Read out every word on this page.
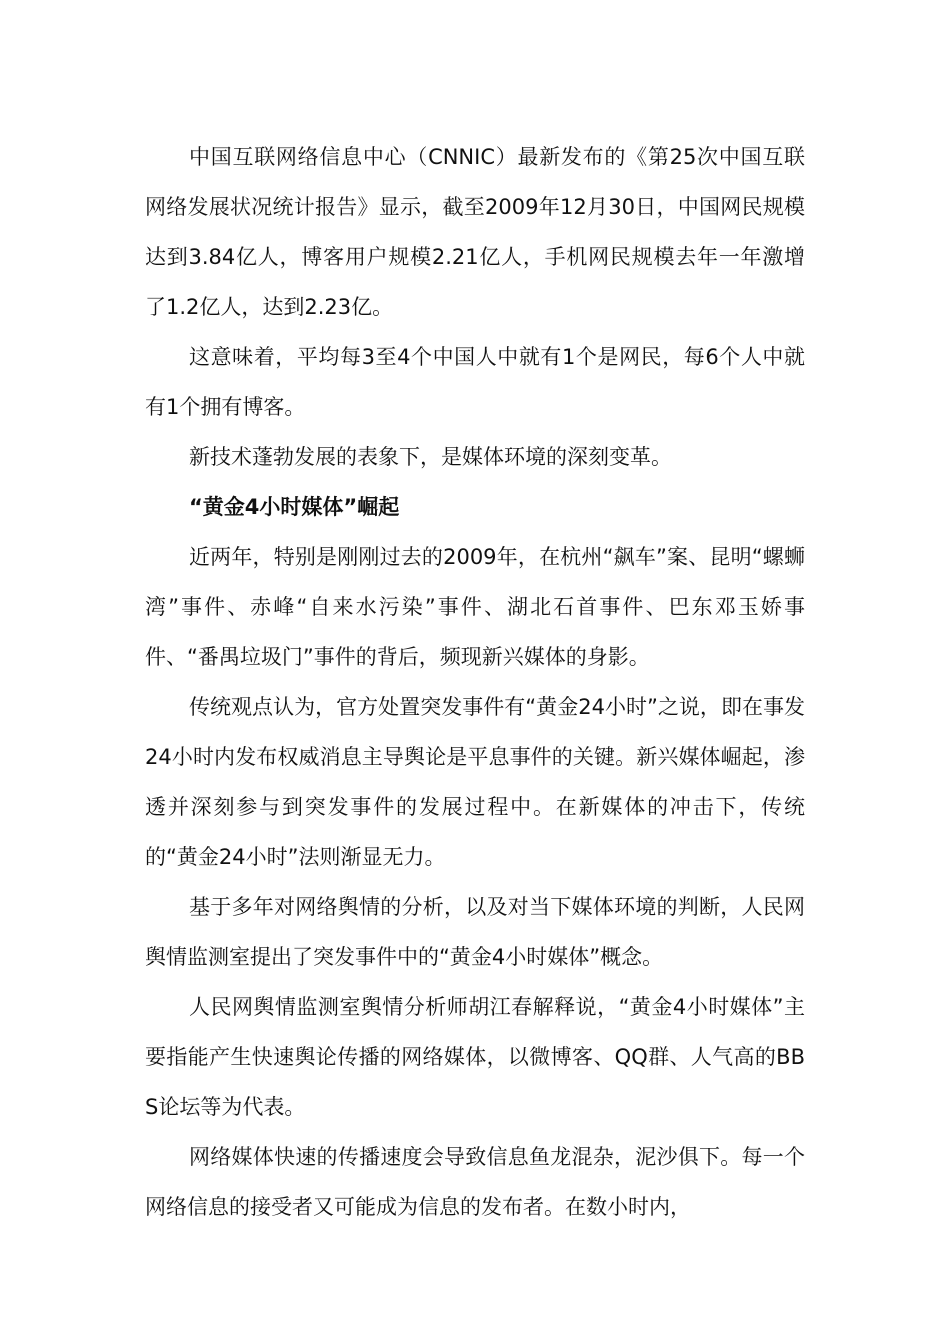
中国互联网络信息中心（CNNIC）最新发布的《第25次中国互联网络发展状况统计报告》显示，截至2009年12月30日，中国网民规模达到3.84亿人，博客用户规模2.21亿人，手机网民规模去年一年激增了1.2亿人，达到2.23亿。

这意味着，平均每3至4个中国人中就有1个是网民，每6个人中就有1个拥有博客。

新技术蓬勃发展的表象下，是媒体环境的深刻变革。

“黄金4小时媒体”崛起

近两年，特别是刚刚过去的2009年，在杭州“飙车”案、昆明“螺蛳湾”事件、赤峰“自来水污染”事件、湖北石首事件、巴东邓玉娇事件、“番禺垃圾门”事件的背后，频现新兴媒体的身影。

传统观点认为，官方处置突发事件有“黄金24小时”之说，即在事发24小时内发布权威消息主导舆论是平息事件的关键。新兴媒体崛起，渗透并深刻参与到突发事件的发展过程中。在新媒体的冲击下，传统的“黄金24小时”法则渐显无力。

基于多年对网络舆情的分析，以及对当下媒体环境的判断，人民网舆情监测室提出了突发事件中的“黄金4小时媒体”概念。

人民网舆情监测室舆情分析师胡江春解释说，“黄金4小时媒体”主要指能产生快速舆论传播的网络媒体，以微博客、QQ群、人气高的BBS论坛等为代表。

网络媒体快速的传播速度会导致信息鱼龙混杂，泥沙俱下。每一个网络信息的接受者又可能成为信息的发布者。在数小时内，
